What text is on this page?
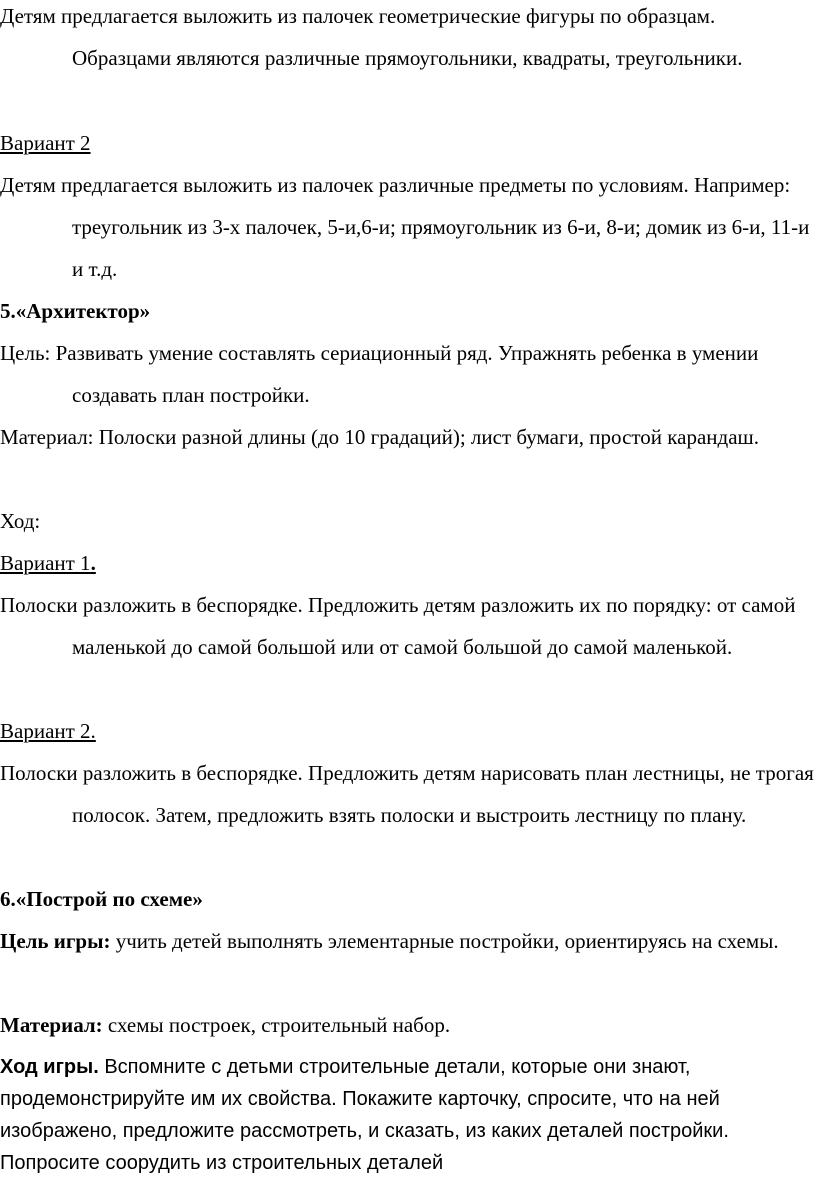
Детям предлагается выложить из палочек геометрические фигуры по образцам. Образцами являются различные прямоугольники, квадраты, треугольники.

Вариант 2

Детям предлагается выложить из палочек различные предметы по условиям. Например: треугольник из 3-х палочек, 5-и,6-и; прямоугольник из 6-и, 8-и; домик из 6-и, 11-и и т.д.

5.«Архитектор»

Цель: Развивать умение составлять сериационный ряд. Упражнять ребенка в умении создавать план постройки.

Материал: Полоски разной длины (до 10 градаций); лист бумаги, простой карандаш.

Ход:

Вариант 1.

Полоски разложить в беспорядке. Предложить детям разложить их по порядку: от самой маленькой до самой большой или от самой большой до самой маленькой.

Вариант 2.

Полоски разложить в беспорядке. Предложить детям нарисовать план лестницы, не трогая полосок. Затем, предложить взять полоски и выстроить лестницу по плану.

6.«Построй по схеме»

Цель игры: учить детей выполнять элементарные постройки, ориентируясь на схемы.

Материал: схемы построек, строительный набор.

Ход игры. Вспомните с детьми строительные детали, которые они знают, продемонстрируйте им их свойства. Покажите карточку, спросите, что на ней изображено, предложите рассмотреть, и сказать, из каких деталей постройки. Попросите соорудить из строительных деталей
